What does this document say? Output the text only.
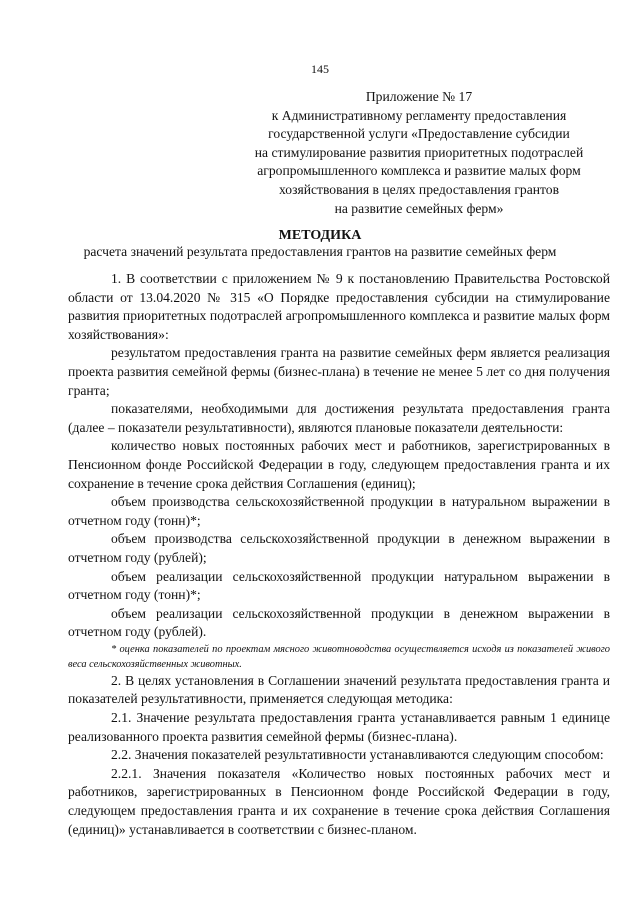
145
Приложение № 17
к Административному регламенту предоставления
государственной услуги «Предоставление субсидии
на стимулирование развития приоритетных подотраслей
агропромышленного комплекса и развитие малых форм
хозяйствования в целях предоставления грантов
на развитие семейных ферм»
МЕТОДИКА
расчета значений результата предоставления грантов на развитие семейных ферм

1. В соответствии с приложением № 9 к постановлению Правительства Ростовской области от 13.04.2020 № 315 «О Порядке предоставления субсидии на стимулирование развития приоритетных подотраслей агропромышленного комплекса и развитие малых форм хозяйствования»:

результатом предоставления гранта на развитие семейных ферм является реализация проекта развития семейной фермы (бизнес-плана) в течение не менее 5 лет со дня получения гранта;

показателями, необходимыми для достижения результата предоставления гранта (далее – показатели результативности), являются плановые показатели деятельности:

количество новых постоянных рабочих мест и работников, зарегистрированных в Пенсионном фонде Российской Федерации в году, следующем предоставления гранта и их сохранение в течение срока действия Соглашения (единиц);

объем производства сельскохозяйственной продукции в натуральном выражении в отчетном году (тонн)*;

объем производства сельскохозяйственной продукции в денежном выражении в отчетном году (рублей);

объем реализации сельскохозяйственной продукции натуральном выражении в отчетном году (тонн)*;

объем реализации сельскохозяйственной продукции в денежном выражении в отчетном году (рублей).

* оценка показателей по проектам мясного животноводства осуществляется исходя из показателей живого веса сельскохозяйственных животных.

2. В целях установления в Соглашении значений результата предоставления гранта и показателей результативности, применяется следующая методика:

2.1. Значение результата предоставления гранта устанавливается равным 1 единице реализованного проекта развития семейной фермы (бизнес-плана).

2.2. Значения показателей результативности устанавливаются следующим способом:

2.2.1. Значения показателя «Количество новых постоянных рабочих мест и работников, зарегистрированных в Пенсионном фонде Российской Федерации в году, следующем предоставления гранта и их сохранение в течение срока действия Соглашения (единиц)» устанавливается в соответствии с бизнес-планом.
